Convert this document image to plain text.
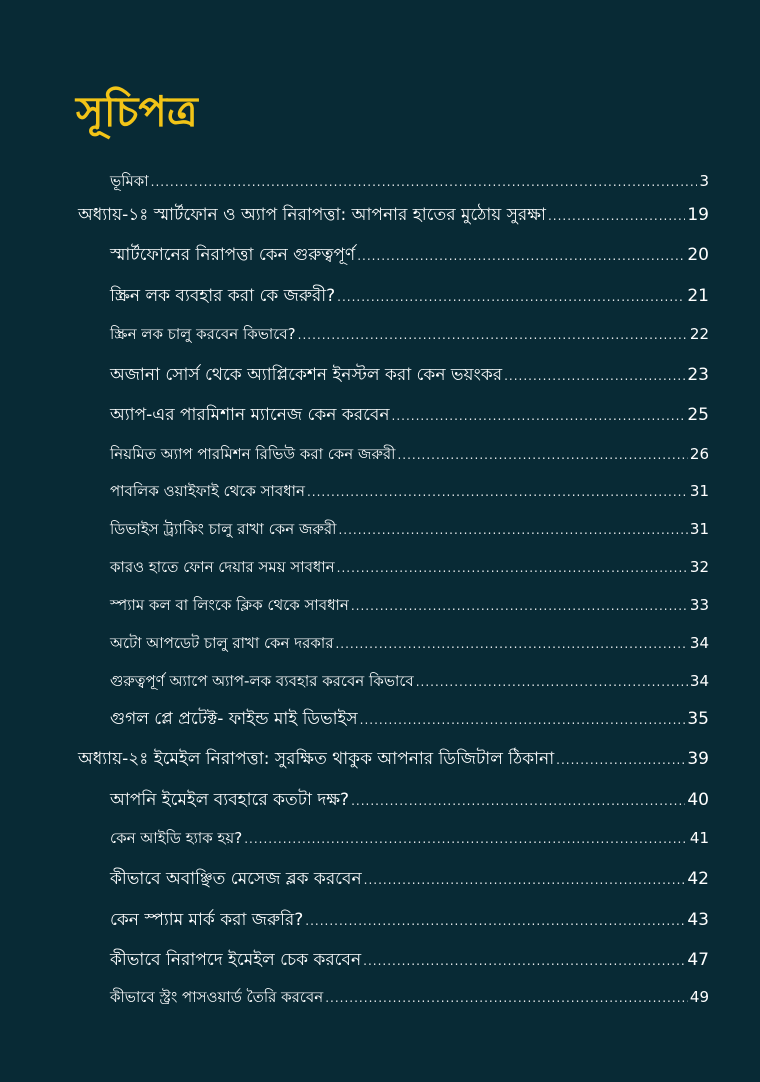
সূচিপত্র
ভূমিকা .....	3
অধ্যায়-১ঃ স্মার্টফোন ও অ্যাপ নিরাপত্তা: আপনার হাতের মুঠোয় সুরক্ষা .....	19
স্মার্টফোনের নিরাপত্তা কেন গুরুত্বপূর্ণ .....	20
স্ক্রিন লক ব্যবহার করা কে জরুরী? .....	21
স্ক্রিন লক চালু করবেন কিভাবে? .....	22
অজানা সোর্স থেকে অ্যাপ্লিকেশন ইনস্টল করা কেন ভয়ংকর .....	23
অ্যাপ-এর পারমিশান ম্যানেজ কেন করবেন .....	25
নিয়মিত অ্যাপ পারমিশন রিভিউ করা কেন জরুরী .....	26
পাবলিক ওয়াইফাই থেকে সাবধান .....	31
ডিভাইস ট্র্যাকিং চালু রাখা কেন জরুরী .....	31
কারও হাতে ফোন দেয়ার সময় সাবধান .....	32
স্প্যাম কল বা লিংকে ক্লিক থেকে সাবধান .....	33
অটো আপডেট চালু রাখা কেন দরকার .....	34
গুরুত্বপূর্ণ অ্যাপে অ্যাপ-লক ব্যবহার করবেন কিভাবে .....	34
গুগল প্লে প্রটেক্ট- ফাইন্ড মাই ডিভাইস .....	35
অধ্যায়-২ঃ ইমেইল নিরাপত্তা: সুরক্ষিত থাকুক আপনার ডিজিটাল ঠিকানা .....	39
আপনি ইমেইল ব্যবহারে কতটা দক্ষ? .....	40
কেন আইডি হ্যাক হয়? .....	41
কীভাবে অবাঞ্ছিত মেসেজ ব্লক করবেন .....	42
কেন স্প্যাম মার্ক করা জরুরি? .....	43
কীভাবে নিরাপদে ইমেইল চেক করবেন .....	47
কীভাবে স্ট্রং পাসওয়ার্ড তৈরি করবেন .....	49
